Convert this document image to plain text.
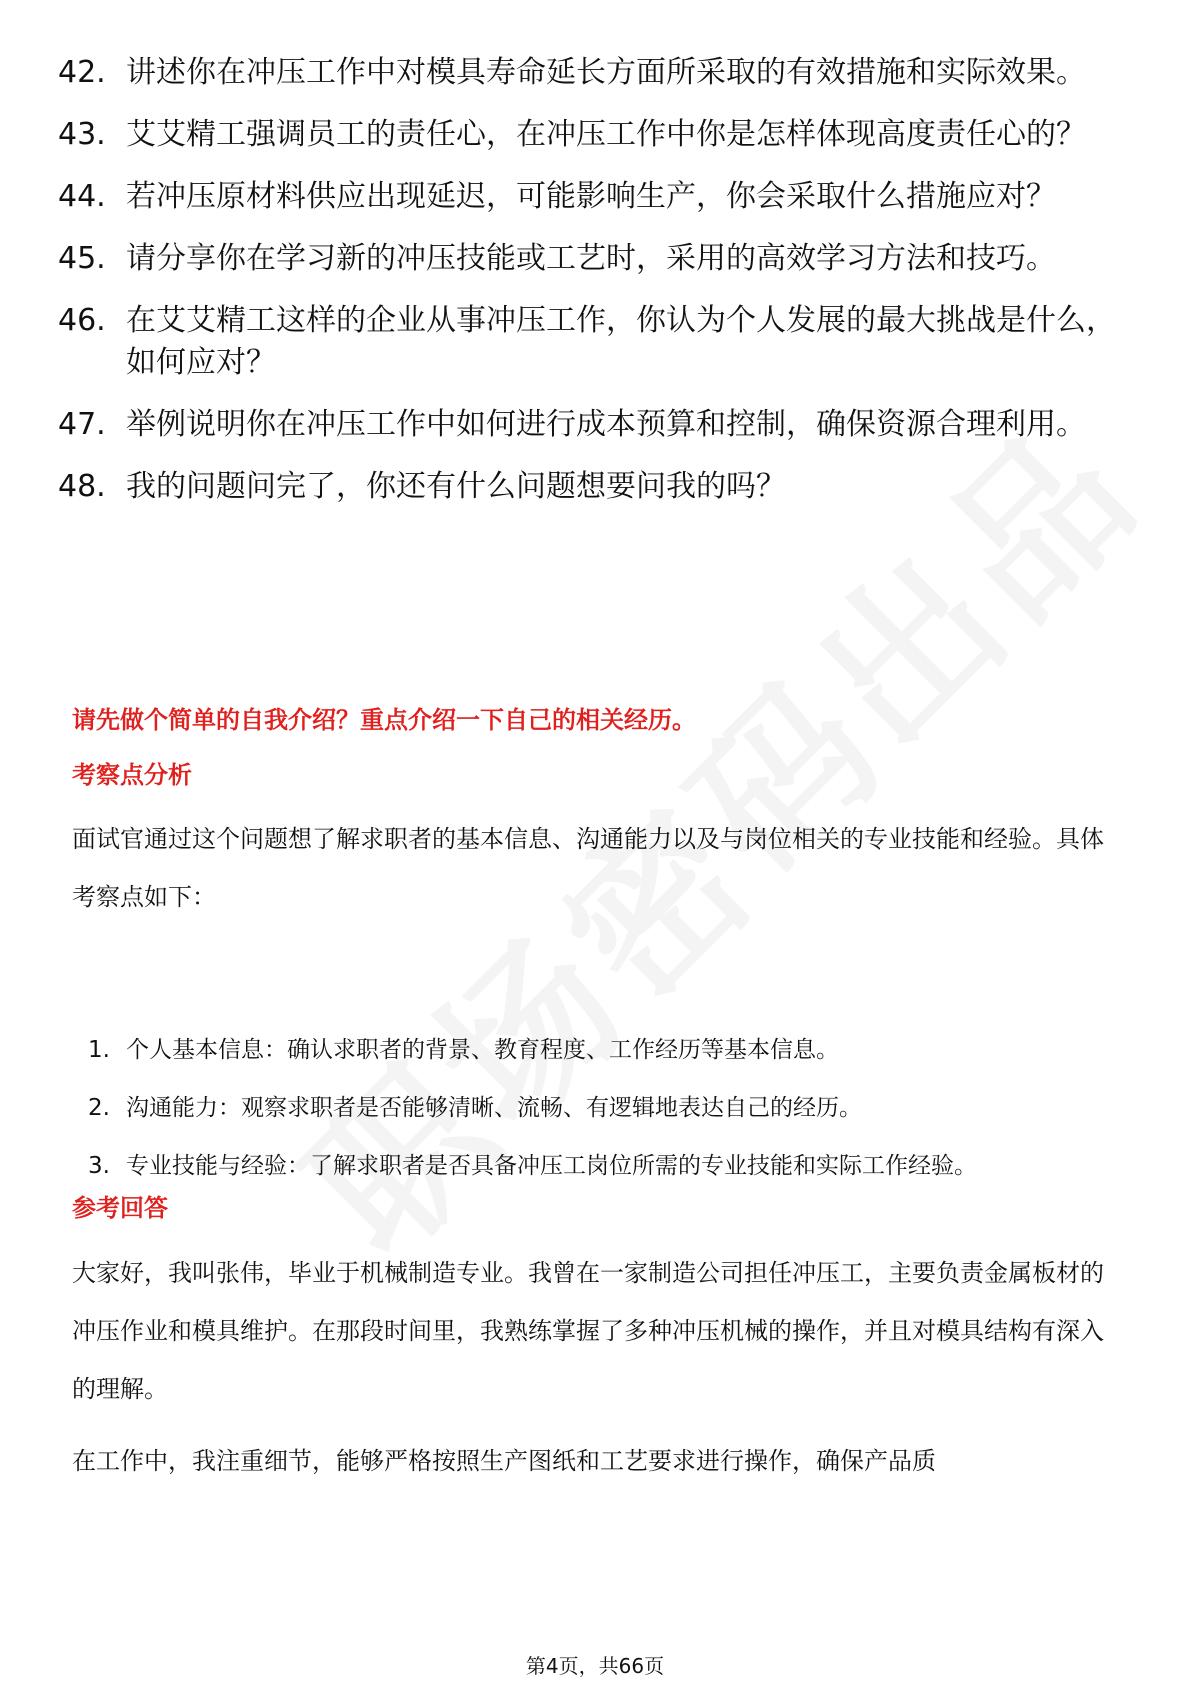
42. 讲述你在冲压工作中对模具寿命延长方面所采取的有效措施和实际效果。
43. 艾艾精工强调员工的责任心，在冲压工作中你是怎样体现高度责任心的？
44. 若冲压原材料供应出现延迟，可能影响生产，你会采取什么措施应对？
45. 请分享你在学习新的冲压技能或工艺时，采用的高效学习方法和技巧。
46. 在艾艾精工这样的企业从事冲压工作，你认为个人发展的最大挑战是什么，如何应对？
47. 举例说明你在冲压工作中如何进行成本预算和控制，确保资源合理利用。
48. 我的问题问完了，你还有什么问题想要问我的吗？
请先做个简单的自我介绍？重点介绍一下自己的相关经历。
考察点分析

面试官通过这个问题想了解求职者的基本信息、沟通能力以及与岗位相关的专业技能和经验。具体考察点如下：

1. 个人基本信息：确认求职者的背景、教育程度、工作经历等基本信息。
2. 沟通能力：观察求职者是否能够清晰、流畅、有逻辑地表达自己的经历。
3. 专业技能与经验：了解求职者是否具备冲压工岗位所需的专业技能和实际工作经验。
参考回答

大家好，我叫张伟，毕业于机械制造专业。我曾在一家制造公司担任冲压工，主要负责金属板材的冲压作业和模具维护。在那段时间里，我熟练掌握了多种冲压机械的操作，并且对模具结构有深入的理解。

在工作中，我注重细节，能够严格按照生产图纸和工艺要求进行操作，确保产品质

第4页，共66页
